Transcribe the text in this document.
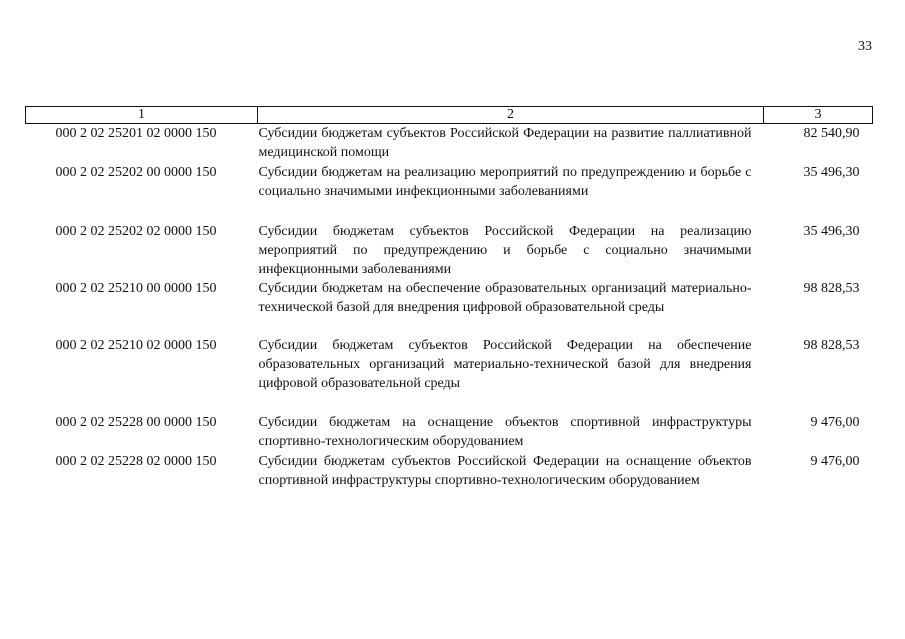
33
1	2	3
000 2 02 25201 02 0000 150	Субсидии бюджетам субъектов Российской Федерации на развитие паллиативной медицинской помощи	82 540,90
000 2 02 25202 00 0000 150	Субсидии бюджетам на реализацию мероприятий по предупреждению и борьбе с социально значимыми инфекционными заболеваниями	35 496,30
000 2 02 25202 02 0000 150	Субсидии бюджетам субъектов Российской Федерации на реализацию мероприятий по предупреждению и борьбе с социально значимыми инфекционными заболеваниями	35 496,30
000 2 02 25210 00 0000 150	Субсидии бюджетам на обеспечение образовательных организаций материально-технической базой для внедрения цифровой образовательной среды	98 828,53
000 2 02 25210 02 0000 150	Субсидии бюджетам субъектов Российской Федерации на обеспечение образовательных организаций материально-технической базой для внедрения цифровой образовательной среды	98 828,53
000 2 02 25228 00 0000 150	Субсидии бюджетам на оснащение объектов спортивной инфраструктуры спортивно-технологическим оборудованием	9 476,00
000 2 02 25228 02 0000 150	Субсидии бюджетам субъектов Российской Федерации на оснащение объектов спортивной инфраструктуры спортивно-технологическим оборудованием	9 476,00
